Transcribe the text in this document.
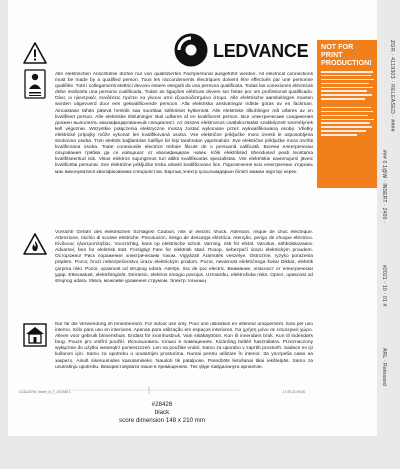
LEDVANCE NOT FOR PRINT PRODUCTION!

Alle elektrischen Anschlüsse dürfen nur von qualifizierten Fachpersonal ausgeführt werden. All electrical connections must be made by a qualified person. Tous les raccordements électriques doivent être effectués par une personne qualifiée. Tutti i collegamenti elettrici devono essere eseguiti da una persona qualificata. Todas las conexiones eléctricas debe realizarla una persona cualificada. Todas as ligações elétricas devem ser feitas por um profissional qualificado. Όλες οι ηλεκτρικές συνδέσεις πρέπει να γίνουν από εξουσιοδοτημένο άτομο. Alle elektrische aansluitingen moeten worden uitgevoerd door een gekwalificeerde persoon. Alla elektriska anslutningar måste göras av en fackman. Ainoastaan tähän pätevä henkilö saa suorittaa sähköiset kytkennät. Alle elektriske tilkoblinger må utføres av en kvalifisert person. Alle elektriske tilslutninger skal udføres af en kvalificeret person. Все электрические соединения должен выполнять квалифицированный специалист. Az összes elektromos csatlakoztatást szakképzett személynek kell végeznie. Wszystkie połączenia elektryczne muszą zostać wykonane przez wykwalifikowaną osobę. Všetky elektrické prípojky môže vykonať len kvalifikovaná osoba. Vse električne priključke mora izvesti le usposobljena strokovna oseba. Tüm elektrik bağlantıları kalifiye bir kişi tarafından yapılmalıdır. Sve električne priključke mora izvršiti kvalificirana osoba. Toate conexiunile electrice trebuie făcute de o persoană calificată. Всички електрически свързвания трябва да се извършат от квалифициран човек. Kõik elektrilised ühendused peab teostama kvalifitseeritud isik. Visus elektros sujungimus turi atlikti kvalifikuotas specialistas. Visi elektriskie savienojumi jāveic kvalificētai personai. Sve električne priključke treba obaviti kvalifikovano lice. Підключення всіх електричних з'єднань має виконуватися кваліфікованим спеціалістом. Барлық электр қосылымдарын білікті маман жүргізуі керек.

Vorsicht! Gefahr des elektrischen Schlages! Caution, risk of electric shock. Attention, risque de choc électrique. Attenzione, rischio di scosse elettriche. Precaución, riesgo de descarga eléctrica. Atenção, perigo de choque eléctrico. Κίνδυνος ηλεκτροπληξίας. Voorzichtig, kans op elektrische schok. Varning, risk för elstöt. Varoitus, sähköiskuvaara. Advarsel, fare for elektrisk støt. Forsigtig! Fare for elektrisk stød. Позор, nebezpečí úrazu elektrickým proudem. Осторожно! Риск поражения электрическим током. Vigyázat! Áramütés veszélye. Ostrożnie, ryzyko porażenia prądem. Pozor, hrozí nebezpečenstvo úrazu elektrickým prúdom. Pozor, nevarnost električnega šoka! Dikkat, elektrik çarpma riski. Pozor, opasnost od strujnog udara. Atenţie, risc de şoc electric. Внимание, опасност от електрически удар. Ettevaatust, elektrilöögioht. Dėmesio, elektros smūgio pavojus. Uzmanību, elektrošoka risks. Oprez, opasnost od strujnog udara. Увага, можливе ураження струмом. Электр тоғының.

Nur für die Verwendung im Innenbereich. For indoor use only. Pour une utilisation en intérieur uniquement. Solo per uso interno. Sólo para uso en interiores. Apenas para utilização em espaços interiores. Για χρήση μόνο σε εσωτερικό χώρο. Alleen voor gebruik binnenshuis. Endast för inomhusbruk. Vain sisäkäyttöön. Kun til innendørs bruk. Kun til indendørs brug. Pouze pro vnitřní použití. Использовать только в помещениях. Kizárólag beltéri használatra. Przeznaczony wyłącznie do użytku wewnątrz pomieszczeń. Len na použitie vnútri. Samo za uporabo v zaprtih prostorih. Sadece ev içi kullanım için. Samo za upotrebu u unutarnjim prostorima. Numai pentru utilizare în interior. За употреба само на закрито. Ainult siseruumides kasutamiseks. Naudoti tik patalpose. Paredzēts lietošanai tikai iekštelpās. Samo za unutrašnju upotrebu. Використовувати лише в приміщеннях. Тек үйде пайдалануға арналған.

G11143790_Insert_N_T_01.indd 1	17.05.22 09:56
#28426
black
score dimension 148 x 210 mm
ZGR · 4119303 · RELEASED · ####
### 0.1@W · INSERT · 2400 ·
#2021 · 10 · 01 #
ARL · Released
